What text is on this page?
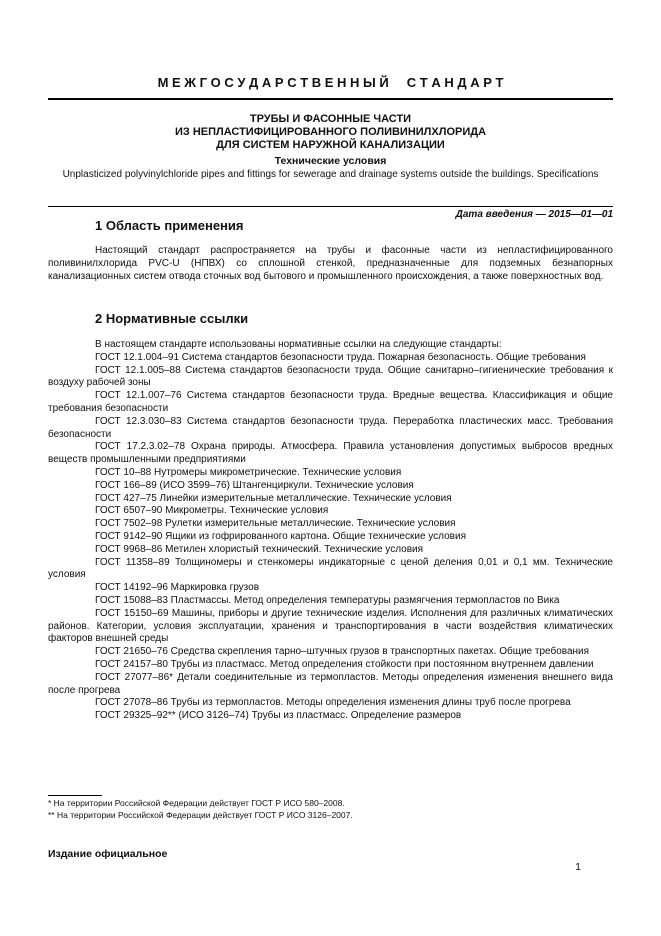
М Е Ж Г О С У Д А Р С Т В Е Н Н Ы Й     С Т А Н Д А Р Т
ТРУБЫ И ФАСОННЫЕ ЧАСТИ
ИЗ НЕПЛАСТИФИЦИРОВАННОГО ПОЛИВИНИЛХЛОРИДА
ДЛЯ СИСТЕМ НАРУЖНОЙ КАНАЛИЗАЦИИ
Технические условия
Unplasticized polyvinylchloride pipes and fittings for sewerage and drainage systems outside the buildings. Specifications
Дата введения — 2015—01—01
1 Область применения

Настоящий стандарт распространяется на трубы и фасонные части из непластифицированного поливинилхлорида PVC-U (НПВХ) со сплошной стенкой, предназначенные для подземных безнапорных канализационных систем отвода сточных вод бытового и промышленного происхождения, а также поверхностных вод.

2 Нормативные ссылки

В настоящем стандарте использованы нормативные ссылки на следующие стандарты:

ГОСТ 12.1.004–91 Система стандартов безопасности труда. Пожарная безопасность. Общие требования

ГОСТ 12.1.005–88 Система стандартов безопасности труда. Общие санитарно–гигиенические требования к воздуху рабочей зоны

ГОСТ 12.1.007–76 Система стандартов безопасности труда. Вредные вещества. Классификация и общие требования безопасности

ГОСТ 12.3.030–83 Система стандартов безопасности труда. Переработка пластических масс. Требования безопасности

ГОСТ 17.2.3.02–78 Охрана природы. Атмосфера. Правила установления допустимых выбросов вредных веществ промышленными предприятиями

ГОСТ 10–88 Нутромеры микрометрические. Технические условия

ГОСТ 166–89 (ИСО 3599–76) Штангенциркули. Технические условия

ГОСТ 427–75 Линейки измерительные металлические. Технические условия

ГОСТ 6507–90 Микрометры. Технические условия

ГОСТ 7502–98 Рулетки измерительные металлические. Технические условия

ГОСТ 9142–90 Ящики из гофрированного картона. Общие технические условия

ГОСТ 9968–86 Метилен хлористый технический. Технические условия

ГОСТ 11358–89 Толщиномеры и стенкомеры индикаторные с ценой деления 0,01 и 0,1 мм. Технические условия

ГОСТ 14192–96 Маркировка грузов

ГОСТ 15088–83 Пластмассы. Метод определения температуры размягчения термопластов по Вика

ГОСТ 15150–69 Машины, приборы и другие технические изделия. Исполнения для различных климатических районов. Категории, условия эксплуатации, хранения и транспортирования в части воздействия климатических факторов внешней среды

ГОСТ 21650–76 Средства скрепления тарно–штучных грузов в транспортных пакетах. Общие требования

ГОСТ 24157–80 Трубы из пластмасс. Метод определения стойкости при постоянном внутреннем давлении

ГОСТ 27077–86* Детали соединительные из термопластов. Методы определения изменения внешнего вида после прогрева

ГОСТ 27078–86 Трубы из термопластов. Методы определения изменения длины труб после прогрева

ГОСТ 29325–92** (ИСО 3126–74) Трубы из пластмасс. Определение размеров

* На территории Российской Федерации действует ГОСТ Р ИСО 580–2008.
** На территории Российской Федерации действует ГОСТ Р ИСО 3126–2007.
Издание официальное
1
